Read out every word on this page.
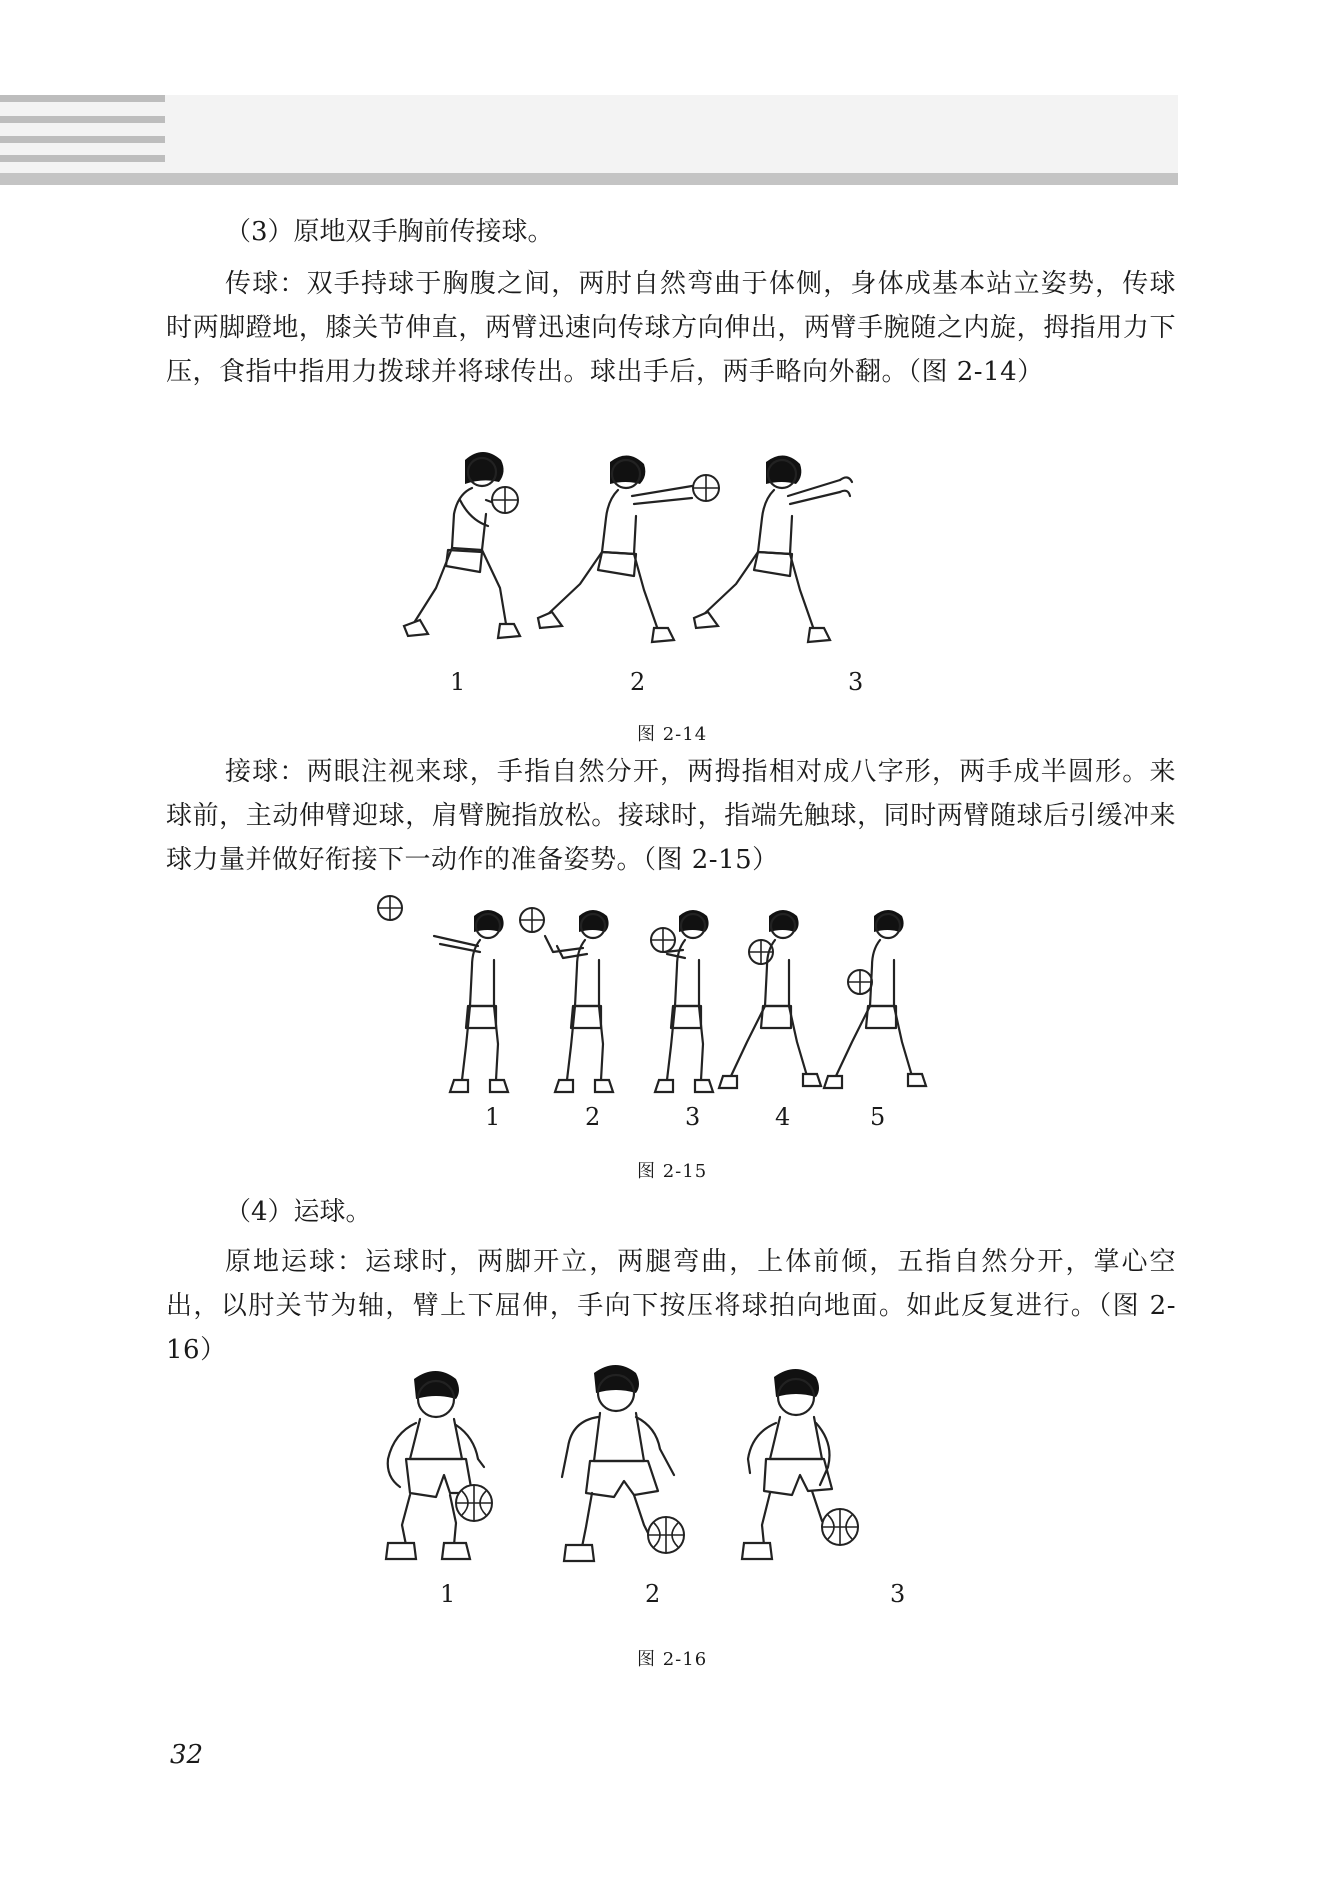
（3）原地双手胸前传接球。
传球：双手持球于胸腹之间，两肘自然弯曲于体侧，身体成基本站立姿势，传球时两脚蹬地，膝关节伸直，两臂迅速向传球方向伸出，两臂手腕随之内旋，拇指用力下压，食指中指用力拨球并将球传出。球出手后，两手略向外翻。（图 2-14）
1	2	3
图 2-14
接球：两眼注视来球，手指自然分开，两拇指相对成八字形，两手成半圆形。来球前，主动伸臂迎球，肩臂腕指放松。接球时，指端先触球，同时两臂随球后引缓冲来球力量并做好衔接下一动作的准备姿势。（图 2-15）
1	2	3	4	5
图 2-15
（4）运球。
原地运球：运球时，两脚开立，两腿弯曲，上体前倾，五指自然分开，掌心空出，以肘关节为轴，臂上下屈伸，手向下按压将球拍向地面。如此反复进行。（图 2-16）
1	2	3
图 2-16
32
